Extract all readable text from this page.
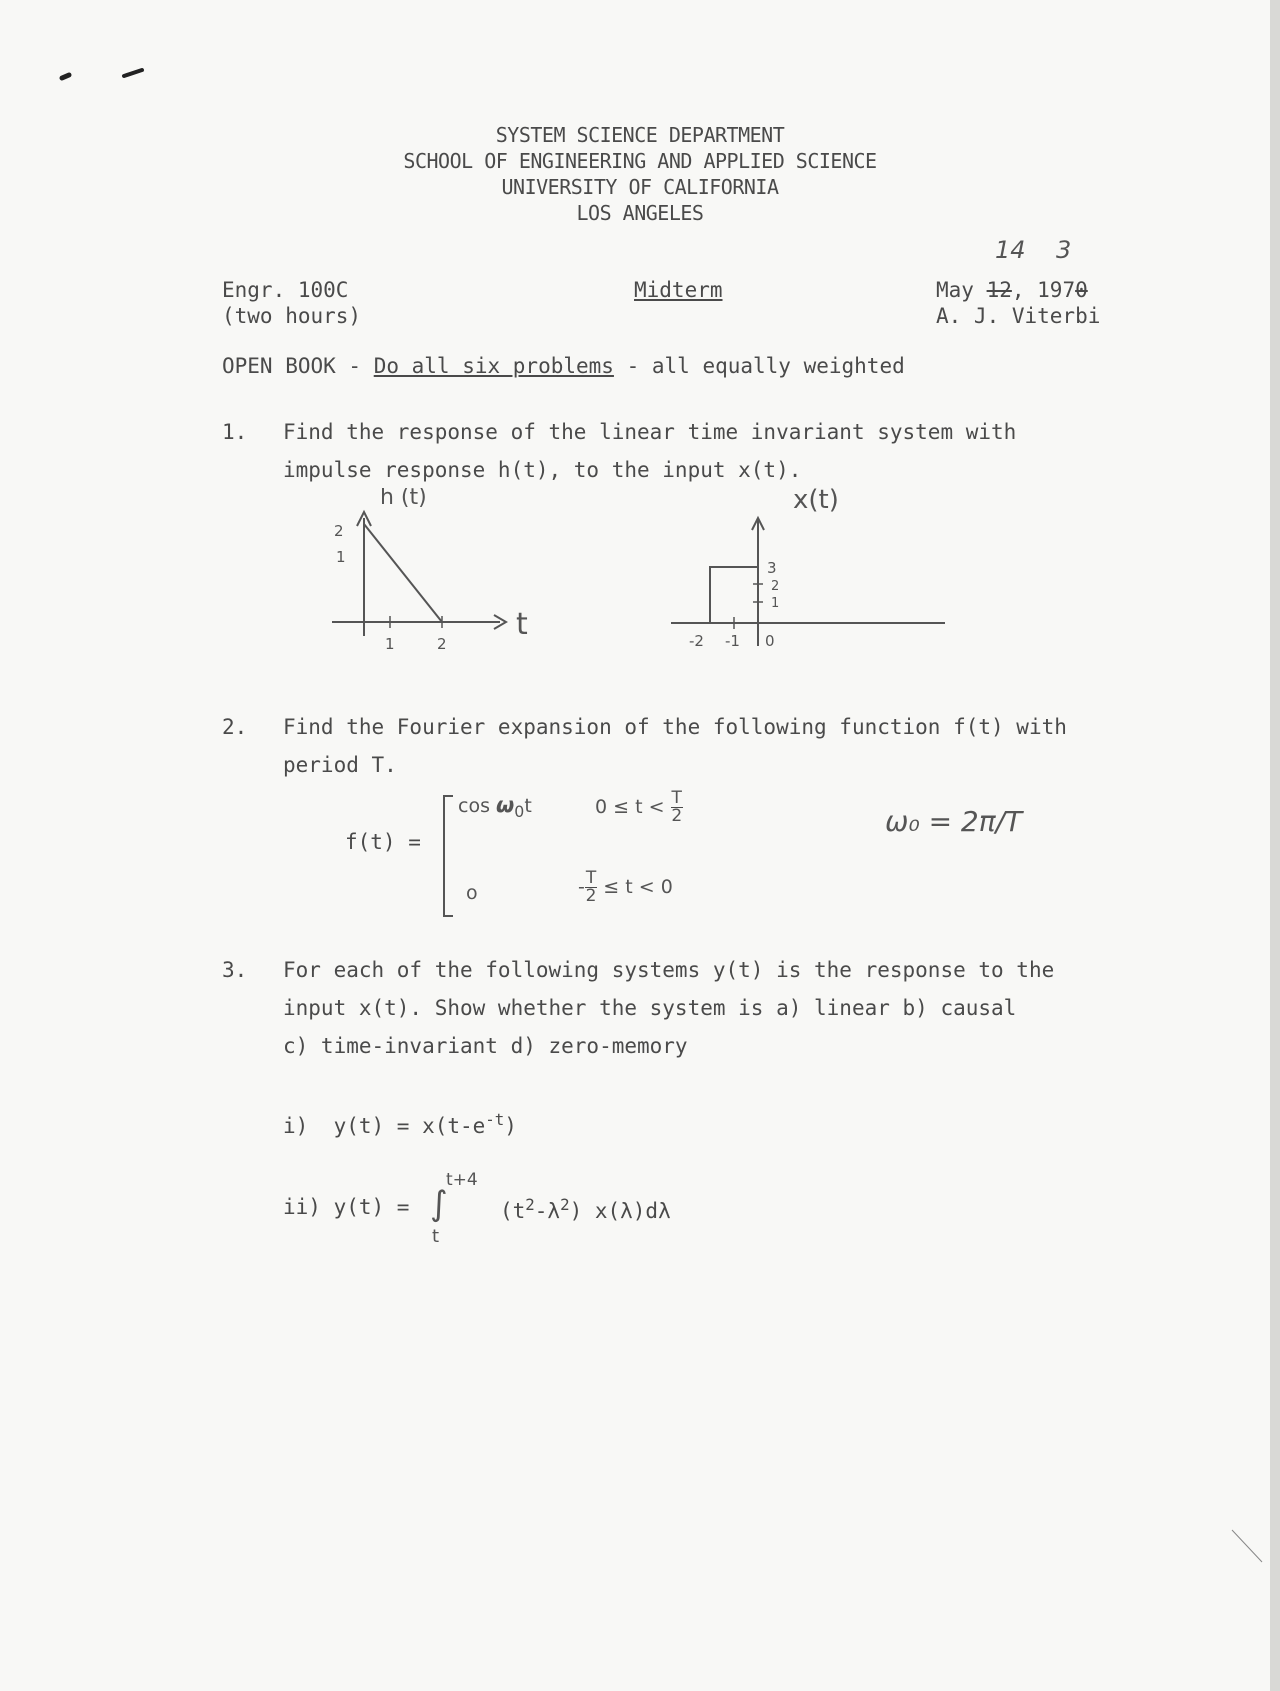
SYSTEM SCIENCE DEPARTMENT
SCHOOL OF ENGINEERING AND APPLIED SCIENCE
UNIVERSITY OF CALIFORNIA
LOS ANGELES
14    3
Engr. 100C
(two hours)
Midterm	May 12, 1970
A. J. Viterbi
OPEN BOOK - Do all six problems - all equally weighted
1. Find the response of the linear time invariant system with
impulse response h(t), to the input x(t).
h (t)
2
1
1	2
t
x(t)
3
2
1
-2 -1 0
2. Find the Fourier expansion of the following function f(t) with
period T.
f(t) =
$\cos \omega_0t$	$0 \le t < \frac{T}{2}$
o	- $\frac{T}{2} \le t < 0$
ω₀ = 2π/T
3. For each of the following systems y(t) is the response to the
input x(t). Show whether the system is a) linear b) causal
c) time-invariant d) zero-memory
i)  $y(t) = x(t-e^{-t})$
ii) y(t) =
t+4
∫
t
$(t^2-\lambda^2)$ x(λ)dλ
